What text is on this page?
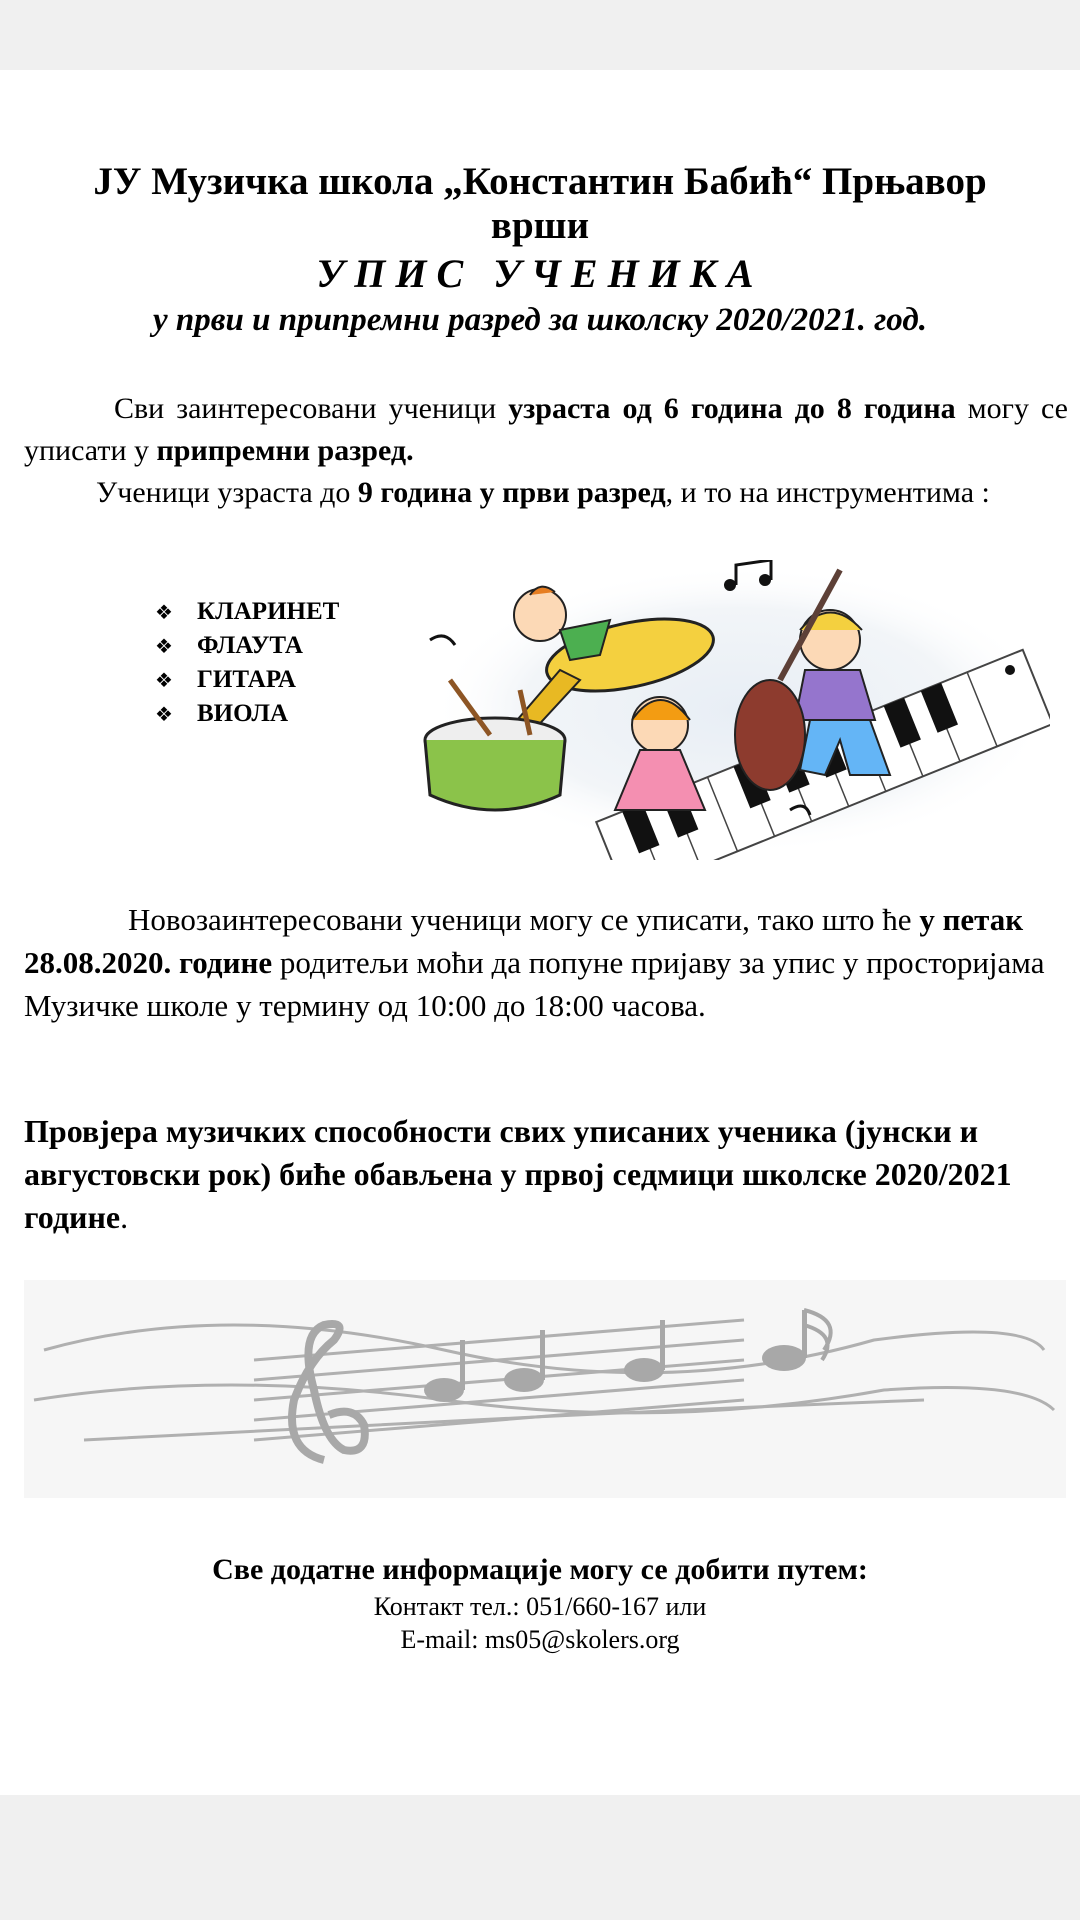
ЈУ Музичка школа „Константин Бабић“ Прњавор
врши
УПИС УЧЕНИКА
у први и припремни разред за школску 2020/2021. год.
Сви заинтересовани ученици узраста од 6 година до 8 година могу се уписати у припремни разред.
Ученици узраста до 9 година у први разред, и то на инструментима :
❖ КЛАРИНЕТ
❖ ФЛАУТА
❖ ГИТАРА
❖ ВИОЛА
Новозаинтересовани ученици могу се уписати, тако што ће у петак 28.08.2020. године родитељи моћи да попуне пријаву за упис у просторијама Музичке школе у термину од 10:00 до 18:00 часова.
Провјера музичких способности свих уписаних ученика (јунски и августовски рок) биће обављена у првој седмици школске 2020/2021 године.
Све додатне информације могу се добити путем:
Контакт тел.: 051/660-167 или
E-mail: ms05@skolers.org
